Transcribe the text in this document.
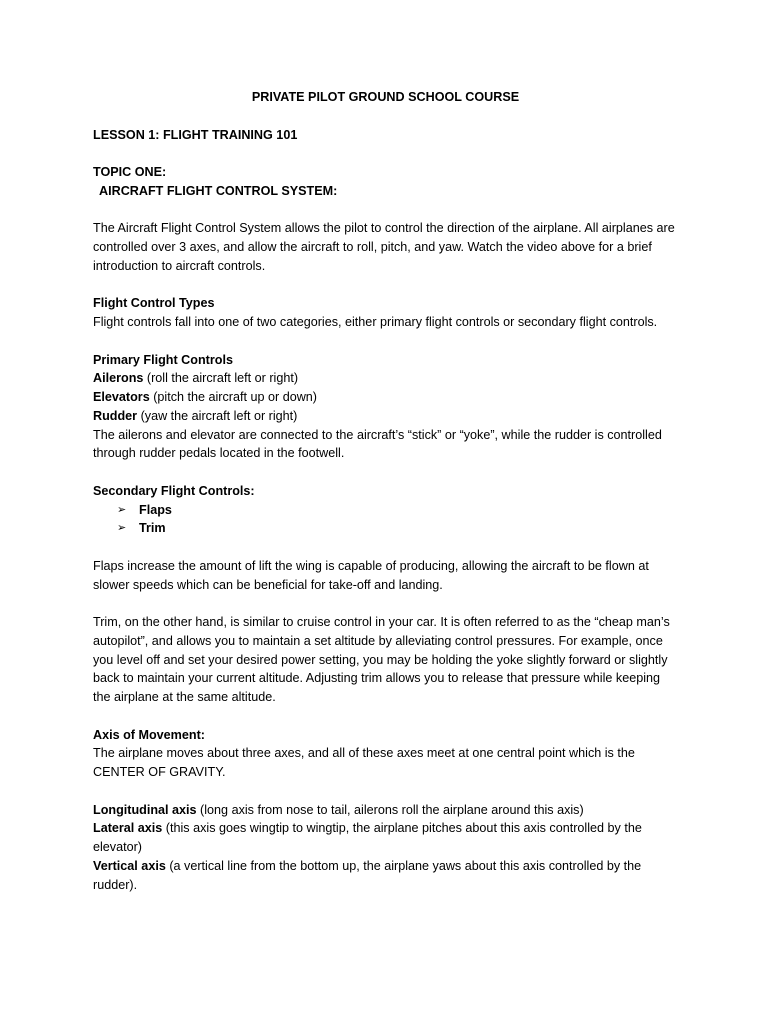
PRIVATE PILOT GROUND SCHOOL COURSE

LESSON 1: FLIGHT TRAINING 101

TOPIC ONE:

AIRCRAFT FLIGHT CONTROL SYSTEM:

The Aircraft Flight Control System allows the pilot to control the direction of the airplane. All airplanes are controlled over 3 axes, and allow the aircraft to roll, pitch, and yaw. Watch the video above for a brief introduction to aircraft controls.

Flight Control Types

Flight controls fall into one of two categories, either primary flight controls or secondary flight controls.

Primary Flight Controls

Ailerons (roll the aircraft left or right)

Elevators (pitch the aircraft up or down)

Rudder (yaw the aircraft left or right)

The ailerons and elevator are connected to the aircraft’s “stick” or “yoke”, while the rudder is controlled through rudder pedals located in the footwell.

Secondary Flight Controls:

➢	Flaps
➢	Trim

Flaps increase the amount of lift the wing is capable of producing, allowing the aircraft to be flown at slower speeds which can be beneficial for take-off and landing.

Trim, on the other hand, is similar to cruise control in your car. It is often referred to as the “cheap man’s autopilot”, and allows you to maintain a set altitude by alleviating control pressures. For example, once you level off and set your desired power setting, you may be holding the yoke slightly forward or slightly back to maintain your current altitude. Adjusting trim allows you to release that pressure while keeping the airplane at the same altitude.

Axis of Movement:

The airplane moves about three axes, and all of these axes meet at one central point which is the CENTER OF GRAVITY.

Longitudinal axis (long axis from nose to tail, ailerons roll the airplane around this axis)

Lateral axis (this axis goes wingtip to wingtip, the airplane pitches about this axis controlled by the elevator)

Vertical axis (a vertical line from the bottom up, the airplane yaws about this axis controlled by the rudder).
